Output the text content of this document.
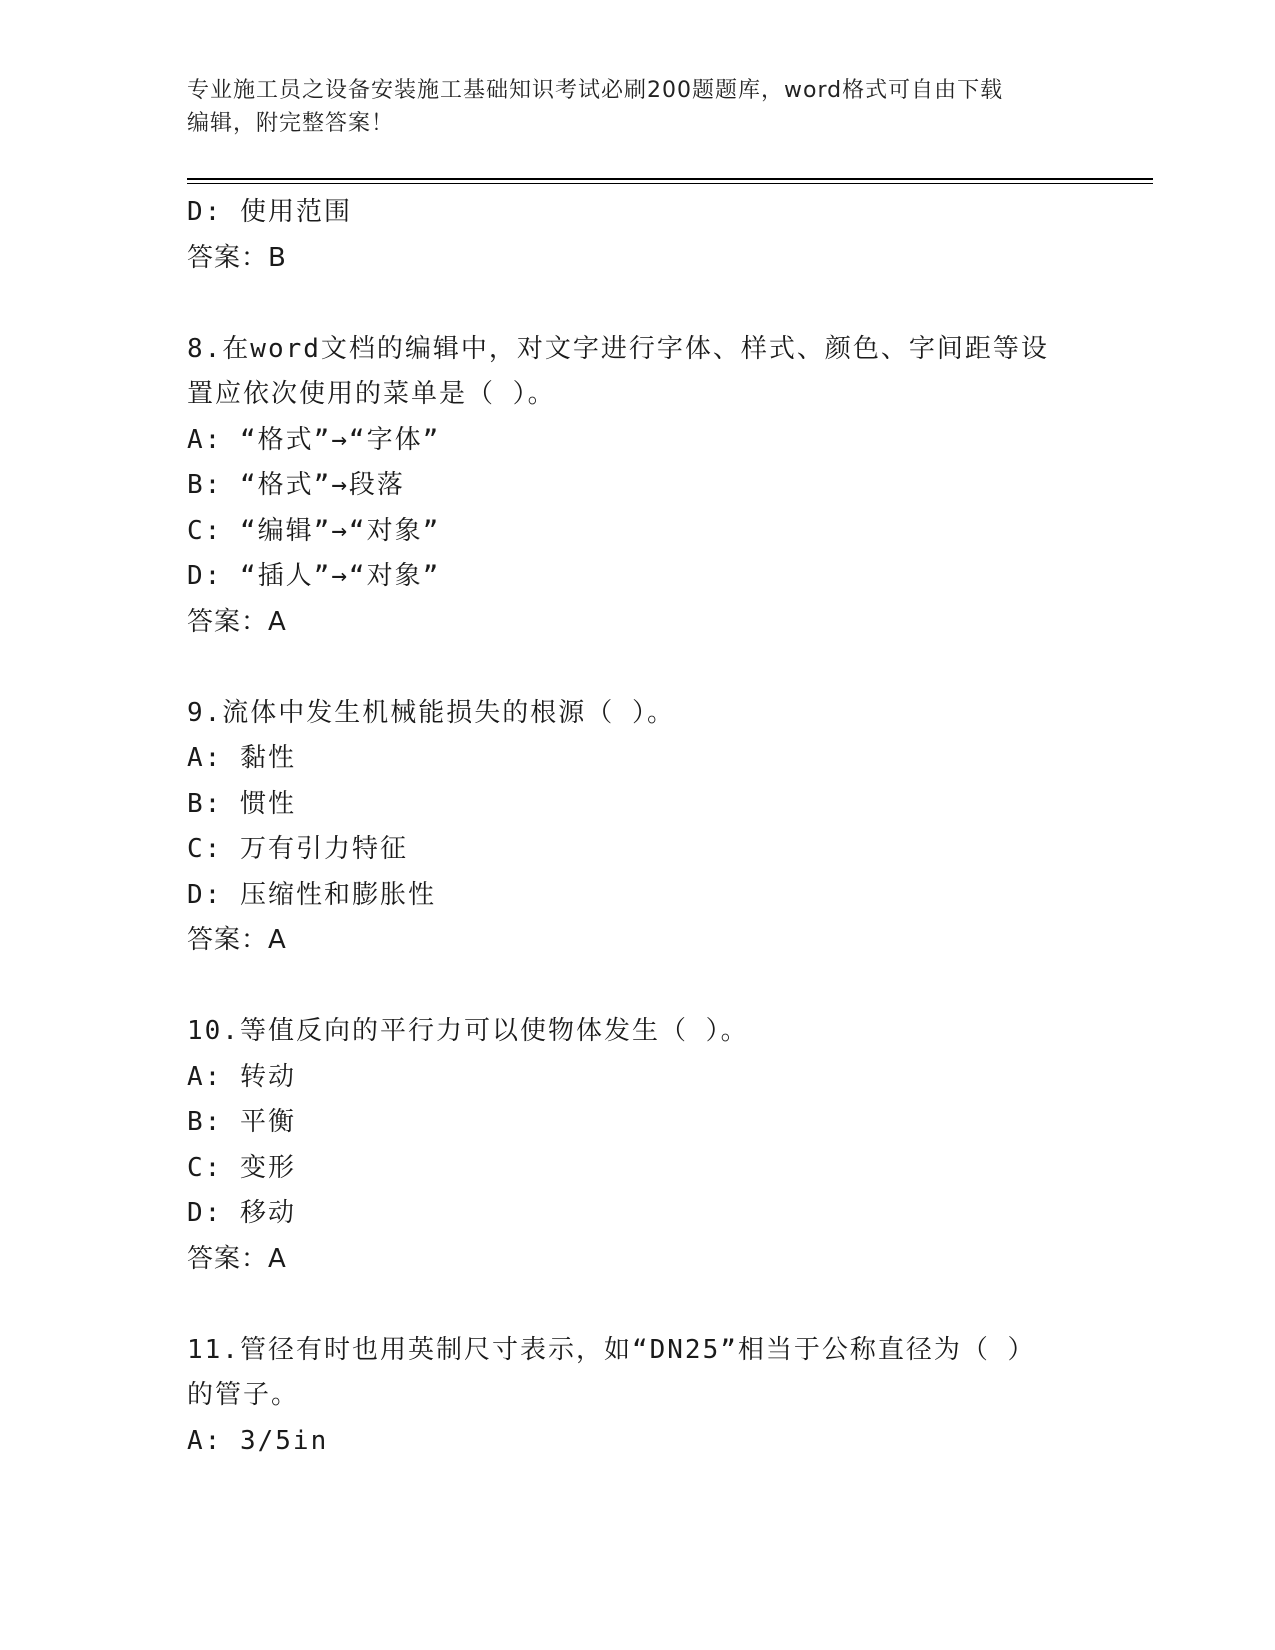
专业施工员之设备安装施工基础知识考试必刷200题题库，word格式可自由下载
编辑，附完整答案！
D: 使用范围
答案：B
8.在word文档的编辑中，对文字进行字体、样式、颜色、字间距等设
置应依次使用的菜单是（ ）。
A: “格式”→“字体”
B: “格式”→段落
C: “编辑”→“对象”
D: “插人”→“对象”
答案：A
9.流体中发生机械能损失的根源（ ）。
A: 黏性
B: 惯性
C: 万有引力特征
D: 压缩性和膨胀性
答案：A
10.等值反向的平行力可以使物体发生（ ）。
A: 转动
B: 平衡
C: 变形
D: 移动
答案：A
11.管径有时也用英制尺寸表示，如“DN25”相当于公称直径为（ ）
的管子。
A: 3/5in
